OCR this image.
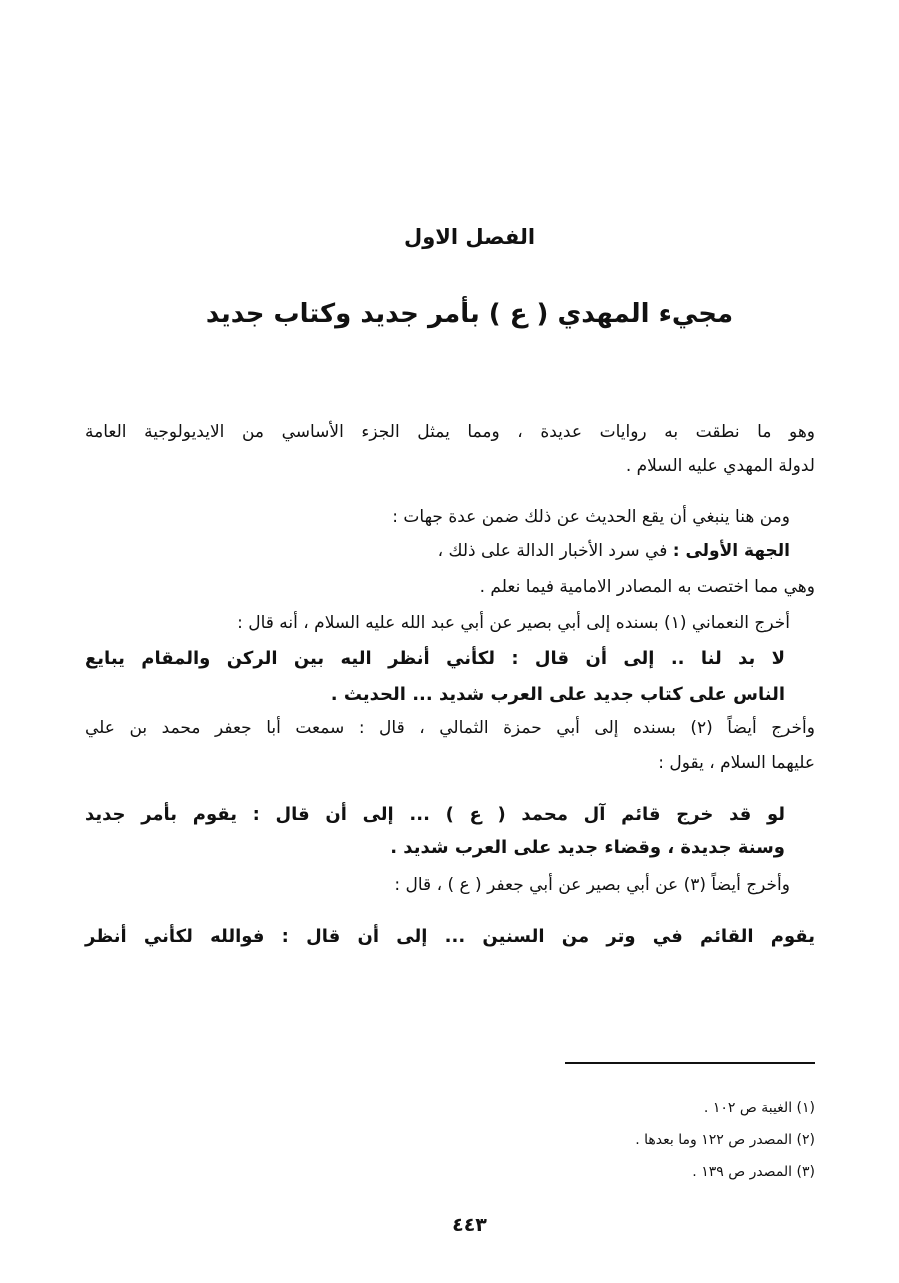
الفصل الاول
مجيء المهدي ( ع ) بأمر جديد وكتاب جديد
وهو ما نطقت به روايات عديدة ، ومما يمثل الجزء الأساسي من الايديولوجية العامة
لدولة المهدي عليه السلام .
ومن هنا ينبغي أن يقع الحديث عن ذلك ضمن عدة جهات :
الجهة الأولى : في سرد الأخبار الدالة على ذلك ،
وهي مما اختصت به المصادر الامامية فيما نعلم .
أخرج النعماني (١) بسنده إلى أبي بصير عن أبي عبد الله عليه السلام ، أنه قال :
لا بد لنا .. إلى أن قال : لكأني أنظر اليه بين الركن والمقام يبايع
الناس على كتاب جديد على العرب شديد ... الحديث .
وأخرج أيضاً (٢) بسنده إلى أبي حمزة الثمالي ، قال : سمعت أبا جعفر محمد بن علي
عليهما السلام ، يقول :
لو قد خرج قائم آل محمد ( ع ) ... إلى أن قال : يقوم بأمر جديد
وسنة جديدة ، وقضاء جديد على العرب شديد .
وأخرج أيضاً (٣) عن أبي بصير عن أبي جعفر ( ع ) ، قال :
يقوم القائم في وتر من السنين ... إلى أن قال : فوالله لكأني أنظر
(١) الغيبة ص ١٠٢ .
(٢) المصدر ص ١٢٢ وما بعدها .
(٣) المصدر ص ١٣٩ .
٤٤٣
